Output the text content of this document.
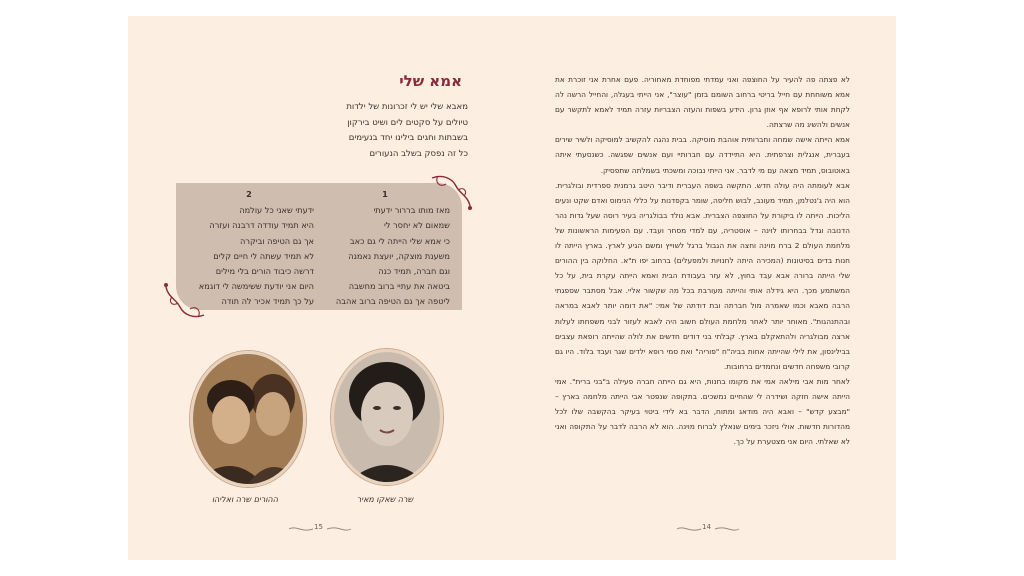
אמא שלי
מאבא שלי יש לי זכרונות של ילדות
טיולים על סקטים לים ושיט בירקון
בשבתות וחגים בילינו יחד בנעימים
כל זה נפסק בשלב הנעורים
1
מאז מותו בררור ידעתי
שמאום לא יחסר לי
כי אמא שלי הייתה לי גם כאב
משענת מוצקה, יועצת נאמנה
וגם חברה, תמיד כנה
ביטאה את עתיי ברוב מחשבה
ליטפה אך גם הטיפה ברוב אהבה
2
ידעתי שאני כל עולמה
היא תמיד עודדה דרבנה ועזרה
אך גם הטיפה וביקרה
לא תמיד עשתה לי חיים קלים
דרשה כיבוד הורים בלי מילים
היום אני יודעת ששימשה לי דוגמא
על כך תמיד אכיר לה תודה
שרה שאקו מאיר
ההורים שרה ואליהו
15

לא פצתה פה להעיר על החוצפה ואני עמדתי מפוחדת מאחוריה. פעם אחרת אני זוכרת את אמא משוחחת עם חייל בריטי ברחוב השומם בזמן "עוצר", אני הייתי בעגלה, והחייל הרשה לה לקחת אותי לרופא אף אוזן גרון. הידע בשפות והעזה הצבריות עזרה תמיד לאמא לתקשר עם אנשים ולהשיג מה שרצתה.

אמא הייתה אישה שמחה וחברותית אוהבת מוסיקה. בבית נהגה להקשיב למוסיקה ולשיר שירים בעברית, אנגלית וצרפתית. היא התיידדה עם חברותיי ועם אנשים שפגשה. כשנסעתי איתה באוטובוס, תמיד מצאה עם מי לדבר. אני הייתי נבוכה ומשכתי בשמלתה שתפסיק.

אבא לעומתה היה עולה חדש. התקשה בשפה העברית ודיבר היטב גרמנית ספרדית ובולגרית. הוא היה ג'נטלמן, תמיד מעונב, לבוש חליפה, שומר בקפדנות על כללי הנימוס ואדם שקט ונעים הליכות. הייתה לו ביקורת על החוצפה הצברית. אבא נולד בבולגריה בעיר רוסה שעל גדות נהר הדנובה וגדל בבחרותו לוינה – אוסטריה, עם למדי מסחר ועבד. עם הפעימות הראשונות של מלחמת העולם 2 ברח מוינה וחצה את הגבול ברגל לשוייץ ומשם הגיע לארץ. בארץ הייתה לו חנות בדים בסיטונות (המכירה היתה לחנויות ולמפעלים) ברחוב יפו ת"א. החלוקה בין ההורים שלי הייתה ברורה אבא עבד בחוץ, לא עזר בעבודת הבית ואמא הייתה עקרת בית, על כל המשתמע מכך. היא גידלה אותי והייתה מעורבת בכל מה שקשור אליי. אבל מסתבר שספגתי הרבה מאבא וכמו שאמרה מול חברתה ובת דודתה של אמי: "את דומה יותר לאבא במראה ובהתנהגות". מאוחר יותר לאחר מלחמת העולם חשוב היה לאבא לעזור לבני משפחתו לעלות ארצה מבולגריה ולהתאקלם בארץ. קבלתי בני דודים חדשים את לולה שהייתה רופאת עצבים בבילינסון, את לילי שהייתה אחות בביה"ח "פוריה" ואת סמי רופא ילדים שגר ועבד בלוד. היו גם קרובי משפחה חדשים ונחמדים ברחובות.

לאחר מות אבי מילאה אמי את מקומו בחנות, היא גם הייתה חברה פעילה ב"בני ברית". אמי הייתה אישה חזקה ושידרה לי שהחיים נמשכים. בתקופה שנפטר אבי הייתה מלחמה בארץ – "מבצע קדש" – ואבא היה מודאג ומתוח, הדבר בא לידי ביטוי בעיקר בהקשבה שלו לכל מהדורות חדשות. אולי ניזכר בימים שנאלץ לברוח מוינה. הוא לא הרבה לדבר על התקופה ואני לא שאלתי. היום אני מצטערת על כך.

14
